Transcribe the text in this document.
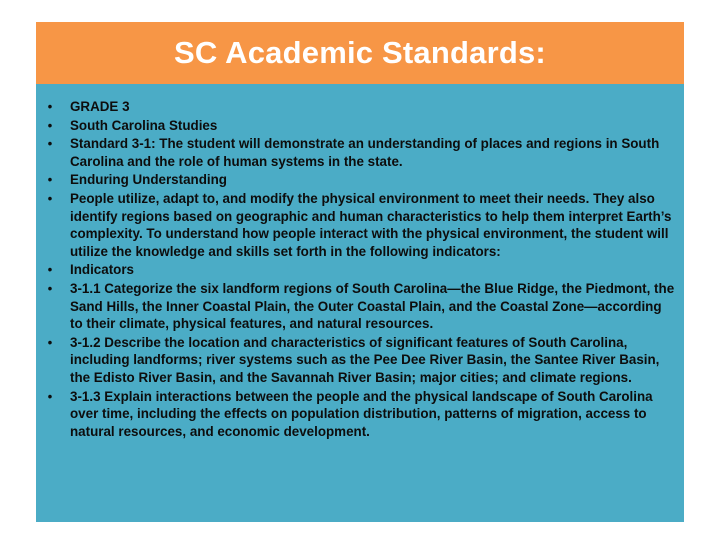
SC Academic Standards:
• GRADE 3
• South Carolina Studies
• Standard 3-1: The student will demonstrate an understanding of places and regions in South Carolina and the role of human systems in the state.
• Enduring Understanding
• People utilize, adapt to, and modify the physical environment to meet their needs. They also identify regions based on geographic and human characteristics to help them interpret Earth’s complexity. To understand how people interact with the physical environment, the student will utilize the knowledge and skills set forth in the following indicators:
• Indicators
• 3-1.1 Categorize the six landform regions of South Carolina—the Blue Ridge, the Piedmont, the Sand Hills, the Inner Coastal Plain, the Outer Coastal Plain, and the Coastal Zone—according to their climate, physical features, and natural resources.
• 3-1.2 Describe the location and characteristics of significant features of South Carolina, including landforms; river systems such as the Pee Dee River Basin, the Santee River Basin, the Edisto River Basin, and the Savannah River Basin; major cities; and climate regions.
• 3-1.3 Explain interactions between the people and the physical landscape of South Carolina over time, including the effects on population distribution, patterns of migration, access to natural resources, and economic development.
